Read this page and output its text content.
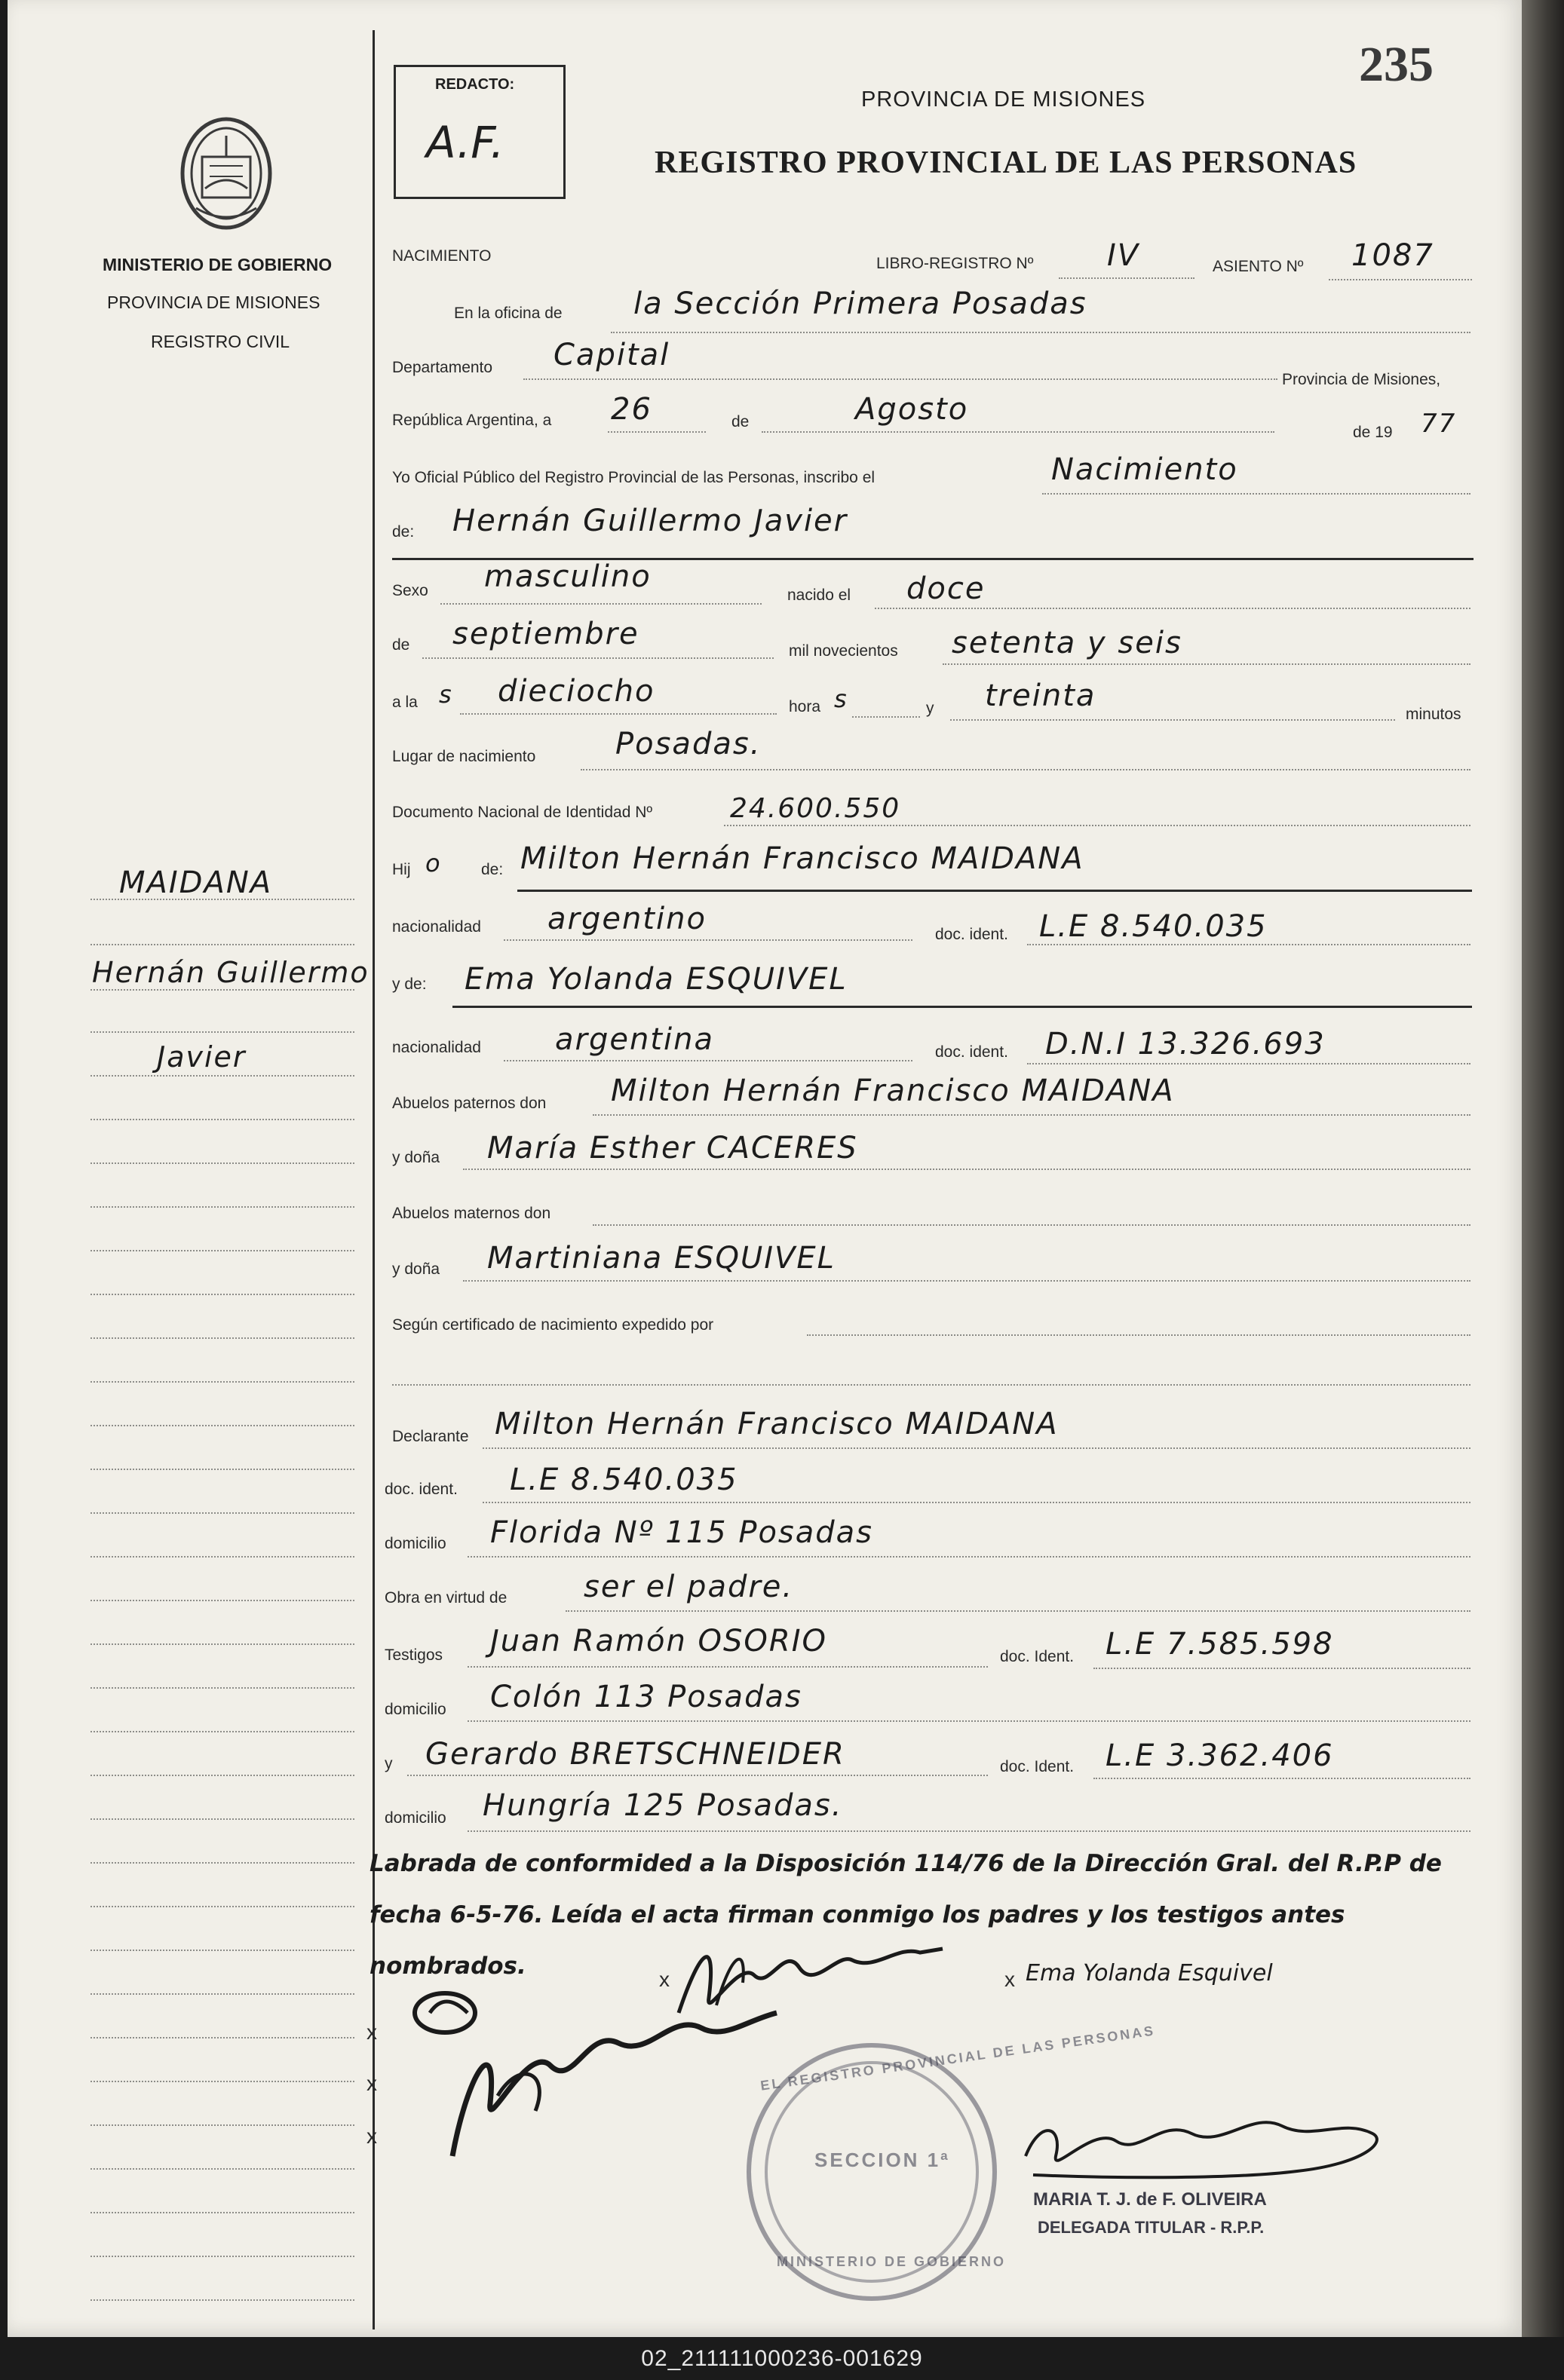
235
REDACTO:
A.F.
PROVINCIA DE MISIONES
REGISTRO PROVINCIAL DE LAS PERSONAS
MINISTERIO DE GOBIERNO
PROVINCIA DE MISIONES
REGISTRO CIVIL
MAIDANA
Hernán Guillermo
Javier
NACIMIENTO	LIBRO-REGISTRO Nº IV	ASIENTO Nº 1087
En la oficina de la Sección Primera Posadas
Departamento Capital
Provincia de Misiones,
República Argentina, a 26	de	Agosto
de 19 77
Yo Oficial Público del Registro Provincial de las Personas, inscribo el	Nacimiento
de: Hernán Guillermo Javier
Sexo masculino
nacido el doce
de septiembre	mil novecientos setenta y seis
a la s dieciocho	hora s	y treinta
minutos
Lugar de nacimiento	Posadas.
Documento Nacional de Identidad Nº	24.600.550
Hij o de: Milton Hernán Francisco MAIDANA
nacionalidad argentino	doc. ident. L.E 8.540.035
y de: Ema Yolanda ESQUIVEL
nacionalidad argentina	doc. ident. D.N.I 13.326.693
Abuelos paternos don Milton Hernán Francisco MAIDANA
y doña María Esther CACERES
Abuelos maternos don
y doña Martiniana ESQUIVEL
Según certificado de nacimiento expedido por
Declarante Milton Hernán Francisco MAIDANA
doc. ident. L.E 8.540.035
domicilio Florida Nº 115 Posadas
Obra en virtud de	ser el padre.
Testigos Juan Ramón OSORIO	doc. Ident. L.E 7.585.598
domicilio Colón 113 Posadas
y Gerardo BRETSCHNEIDER	doc. Ident. L.E 3.362.406
domicilio Hungría 125 Posadas.
Labrada de conformided a la Disposición 114/76 de la Dirección Gral. del R.P.P de
fecha 6-5-76. Leída el acta firman conmigo los padres y los testigos antes
nombrados.	x	x
x
x
x
Ema Yolanda Esquivel
MARIA T. J. de F. OLIVEIRA
DELEGADA TITULAR - R.P.P.
EL REGISTRO PROVINCIAL DE LAS PERSONAS
SECCION 1ª
MINISTERIO DE GOBIERNO
02_211111000236-001629
